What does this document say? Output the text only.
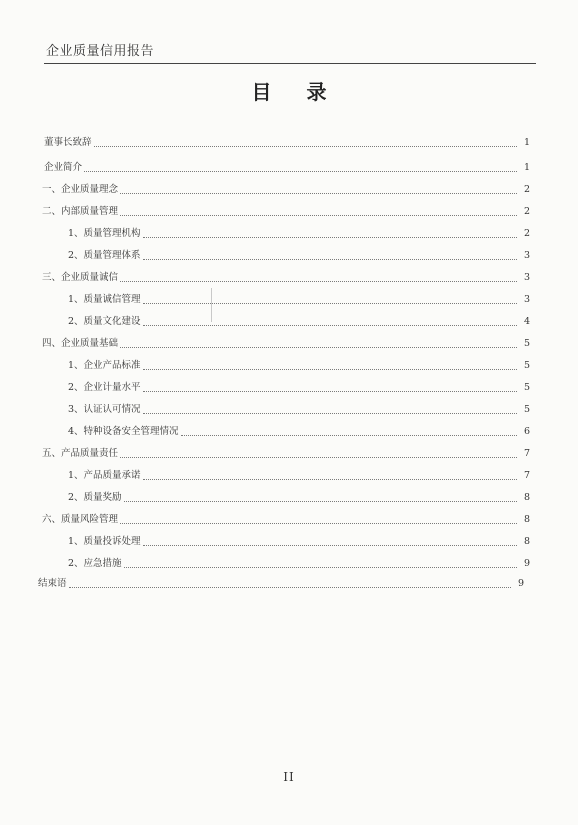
企业质量信用报告
目 录
董事长致辞	1
企业简介	1
一、企业质量理念	2
二、内部质量管理	2
1、质量管理机构	2
2、质量管理体系	3
三、企业质量诚信	3
1、质量诚信管理	3
2、质量文化建设	4
四、企业质量基础	5
1、企业产品标准	5
2、企业计量水平	5
3、认证认可情况	5
4、特种设备安全管理情况	6
五、产品质量责任	7
1、产品质量承诺	7
2、质量奖励	8
六、质量风险管理	8
1、质量投诉处理	8
2、应急措施	9
结束语	9
II
